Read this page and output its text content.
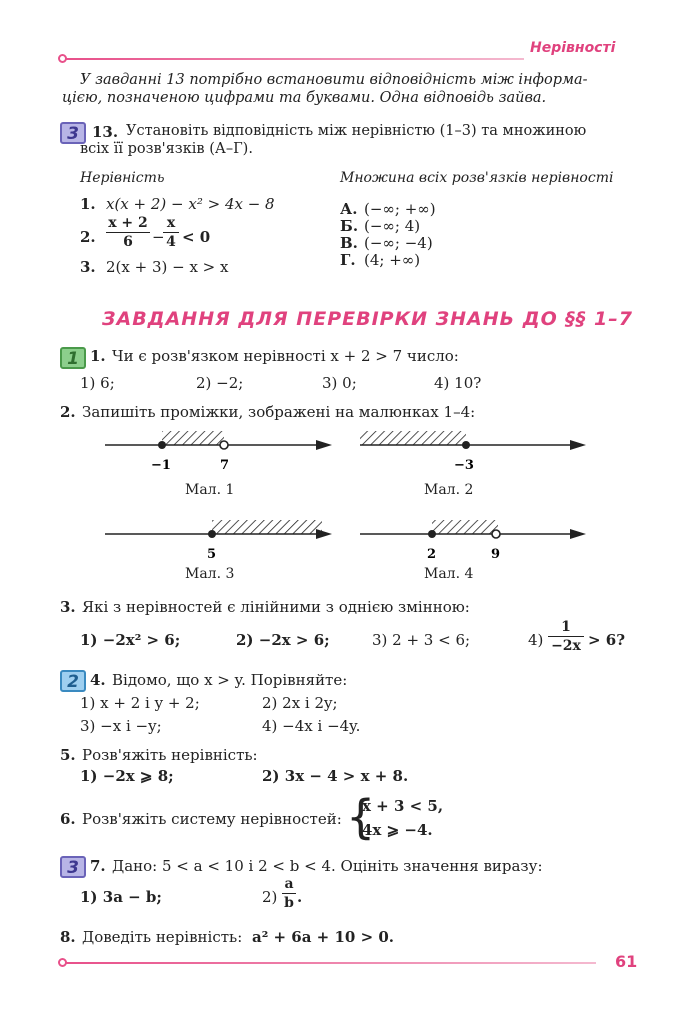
Нерівності
У завданні 13 потрібно встановити відповідність між інформа-
цією, позначеною цифрами та буквами. Одна відповідь зайва.
3 13. Установіть відповідність між нерівністю (1–3) та множиною
всіх її розв'язків (А–Г).
Нерівність	Множина всіх розв'язків нерівності
1. x(x + 2) − x² > 4x − 8
2. $\frac{x + 2}{6}$ −
$\frac{x}{4} < 0$
3. 2(x + 3) − x > x
А. (−∞; +∞)
Б. (−∞; 4)
В. (−∞; −4)
Г. (4; +∞)
ЗАВДАННЯ ДЛЯ ПЕРЕВІРКИ ЗНАНЬ ДО §§ 1–7
1 1. Чи є розв'язком нерівності x + 2 > 7 число:
1) 6;	2) −2;	3) 0;	4) 10?
2. Запишіть проміжки, зображені на малюнках 1–4:
−1	7
Мал. 1
−3
Мал. 2
5
Мал. 3
2	9
Мал. 4
3. Які з нерівностей є лінійними з однією змінною:
1) −2x² > 6;	2) −2x > 6;	3) 2 + 3 < 6;	$4) \frac{1}{-2x} > 6$?
2 4. Відомо, що x > y. Порівняйте:
1) x + 2 і y + 2;	2) 2x і 2y;
3) −x і −y;	4) −4x і −4y.
5. Розв'яжіть нерівність:
1) −2x ⩾ 8;	2) 3x − 4 > x + 8.
6. Розв'яжіть систему нерівностей: {
x + 3 < 5,
4x ⩾ −4.
3 7. Дано: 5 < a < 10 і 2 < b < 4. Оцініть значення виразу:
1) 3a − b;	$2) \frac{a}{b}$ .
8. Доведіть нерівність: a² + 6a + 10 > 0.
61
